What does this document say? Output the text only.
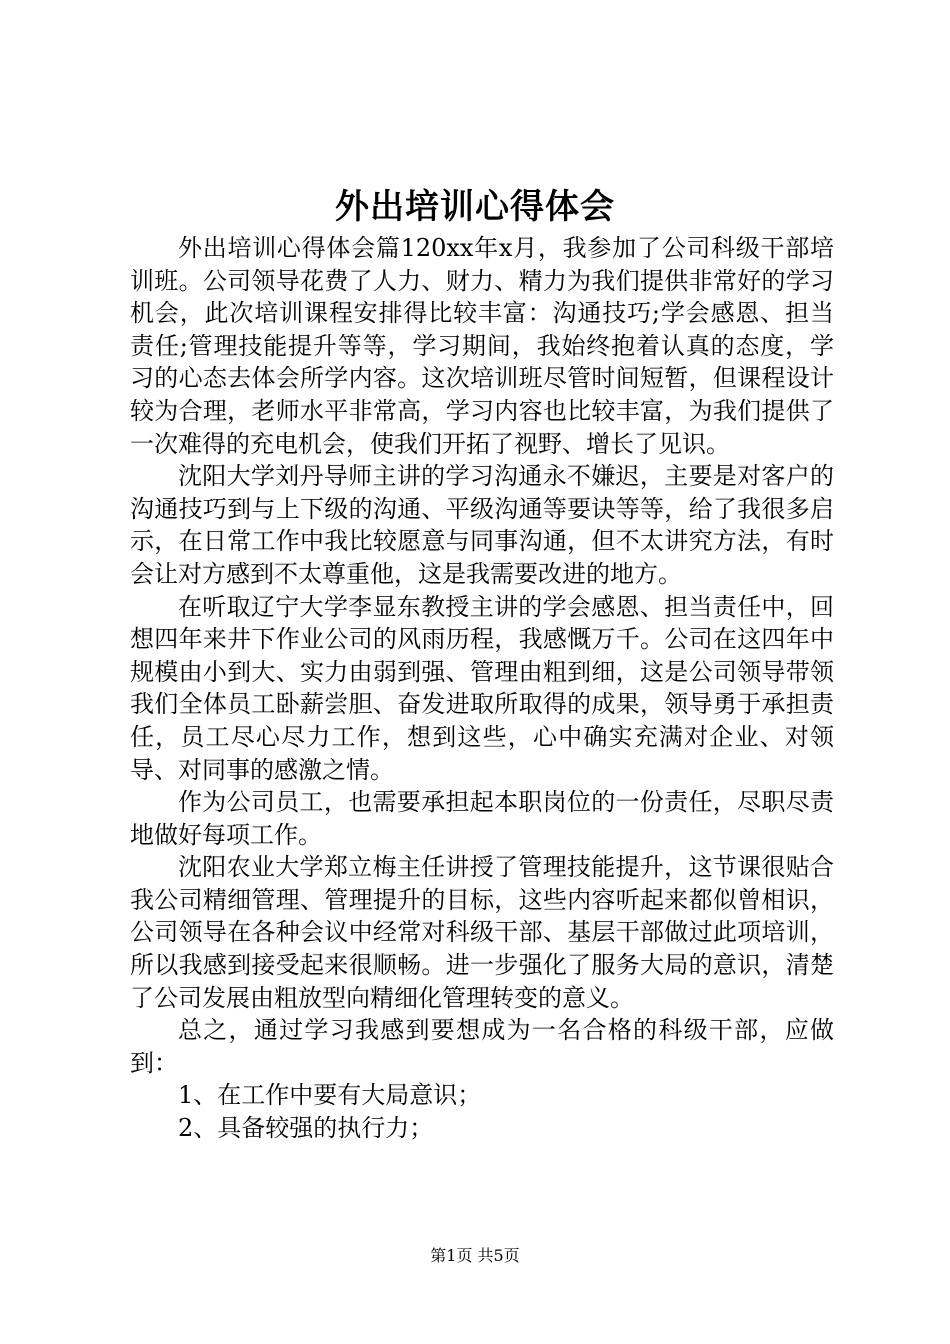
外出培训心得体会

外出培训心得体会篇120xx年x月，我参加了公司科级干部培训班。公司领导花费了人力、财力、精力为我们提供非常好的学习机会，此次培训课程安排得比较丰富：沟通技巧;学会感恩、担当责任;管理技能提升等等，学习期间，我始终抱着认真的态度，学习的心态去体会所学内容。这次培训班尽管时间短暂，但课程设计较为合理，老师水平非常高，学习内容也比较丰富，为我们提供了一次难得的充电机会，使我们开拓了视野、增长了见识。

沈阳大学刘丹导师主讲的学习沟通永不嫌迟，主要是对客户的沟通技巧到与上下级的沟通、平级沟通等要诀等等，给了我很多启示，在日常工作中我比较愿意与同事沟通，但不太讲究方法，有时会让对方感到不太尊重他，这是我需要改进的地方。

在听取辽宁大学李显东教授主讲的学会感恩、担当责任中，回想四年来井下作业公司的风雨历程，我感慨万千。公司在这四年中规模由小到大、实力由弱到强、管理由粗到细，这是公司领导带领我们全体员工卧薪尝胆、奋发进取所取得的成果，领导勇于承担责任，员工尽心尽力工作，想到这些，心中确实充满对企业、对领导、对同事的感激之情。

作为公司员工，也需要承担起本职岗位的一份责任，尽职尽责地做好每项工作。

沈阳农业大学郑立梅主任讲授了管理技能提升，这节课很贴合我公司精细管理、管理提升的目标，这些内容听起来都似曾相识，公司领导在各种会议中经常对科级干部、基层干部做过此项培训，所以我感到接受起来很顺畅。进一步强化了服务大局的意识，清楚了公司发展由粗放型向精细化管理转变的意义。

总之，通过学习我感到要想成为一名合格的科级干部，应做到：

1、在工作中要有大局意识；

2、具备较强的执行力；

第1页 共5页
